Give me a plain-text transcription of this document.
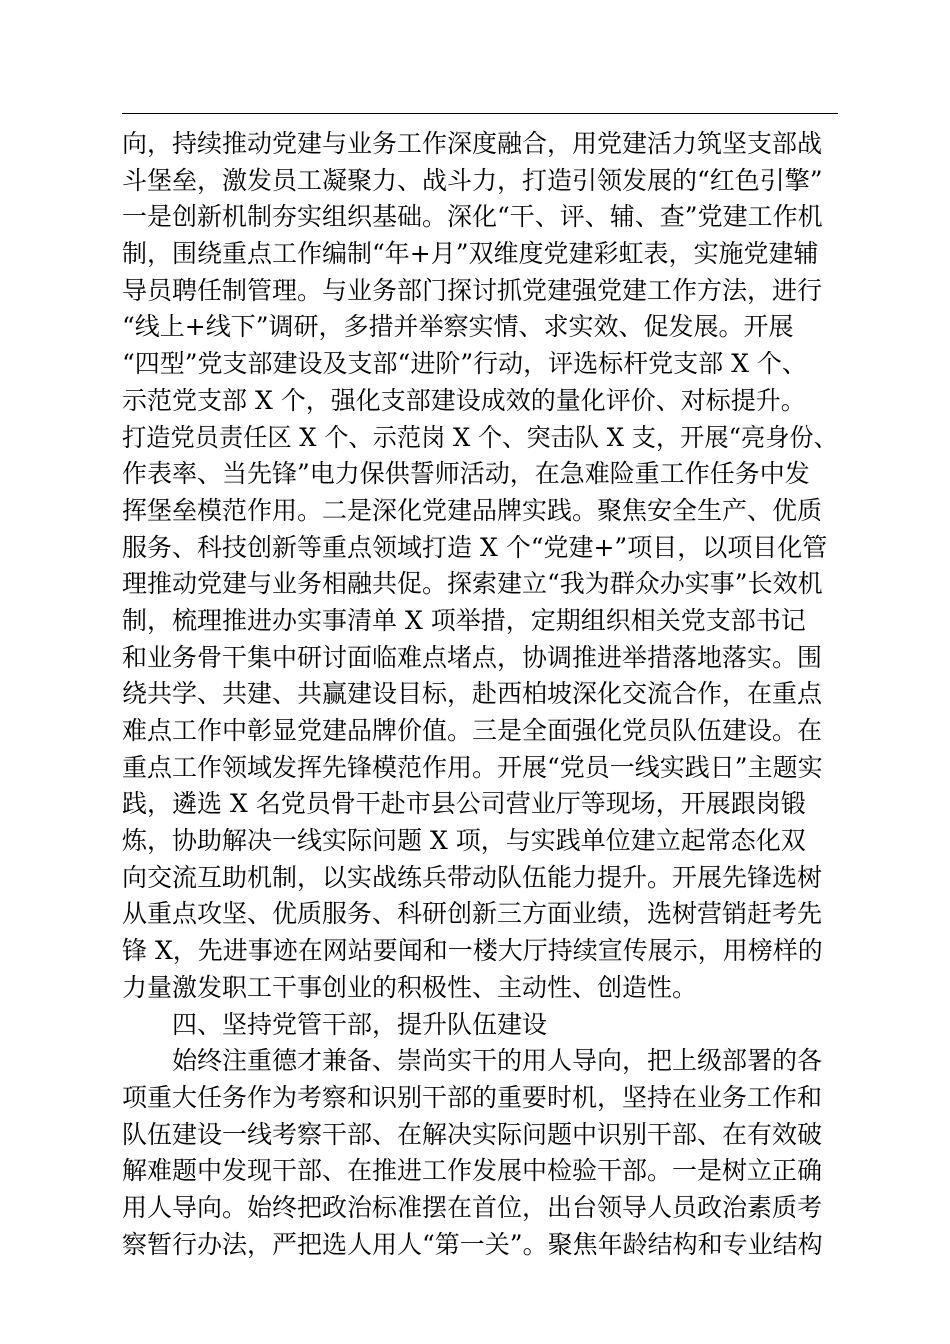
向，持续推动党建与业务工作深度融合，用党建活力筑坚支部战
斗堡垒，激发员工凝聚力、战斗力，打造引领发展的“红色引擎”
一是创新机制夯实组织基础。深化“干、评、辅、查”党建工作机
制，围绕重点工作编制“年+月”双维度党建彩虹表，实施党建辅
导员聘任制管理。与业务部门探讨抓党建强党建工作方法，进行
“线上+线下”调研，多措并举察实情、求实效、促发展。开展
“四型”党支部建设及支部“进阶”行动，评选标杆党支部 X 个、
示范党支部 X 个，强化支部建设成效的量化评价、对标提升。
打造党员责任区 X 个、示范岗 X 个、突击队 X 支，开展“亮身份、
作表率、当先锋”电力保供誓师活动，在急难险重工作任务中发
挥堡垒模范作用。二是深化党建品牌实践。聚焦安全生产、优质
服务、科技创新等重点领域打造 X 个“党建+”项目，以项目化管
理推动党建与业务相融共促。探索建立“我为群众办实事”长效机
制，梳理推进办实事清单 X 项举措，定期组织相关党支部书记
和业务骨干集中研讨面临难点堵点，协调推进举措落地落实。围
绕共学、共建、共赢建设目标，赴西柏坡深化交流合作，在重点
难点工作中彰显党建品牌价值。三是全面强化党员队伍建设。在
重点工作领域发挥先锋模范作用。开展“党员一线实践日”主题实
践，遴选 X 名党员骨干赴市县公司营业厅等现场，开展跟岗锻
炼，协助解决一线实际问题 X 项，与实践单位建立起常态化双
向交流互助机制，以实战练兵带动队伍能力提升。开展先锋选树
从重点攻坚、优质服务、科研创新三方面业绩，选树营销赶考先
锋 X，先进事迹在网站要闻和一楼大厅持续宣传展示，用榜样的
力量激发职工干事创业的积极性、主动性、创造性。
四、坚持党管干部，提升队伍建设
始终注重德才兼备、崇尚实干的用人导向，把上级部署的各
项重大任务作为考察和识别干部的重要时机，坚持在业务工作和
队伍建设一线考察干部、在解决实际问题中识别干部、在有效破
解难题中发现干部、在推进工作发展中检验干部。一是树立正确
用人导向。始终把政治标准摆在首位，出台领导人员政治素质考
察暂行办法，严把选人用人“第一关”。聚焦年龄结构和专业结构
